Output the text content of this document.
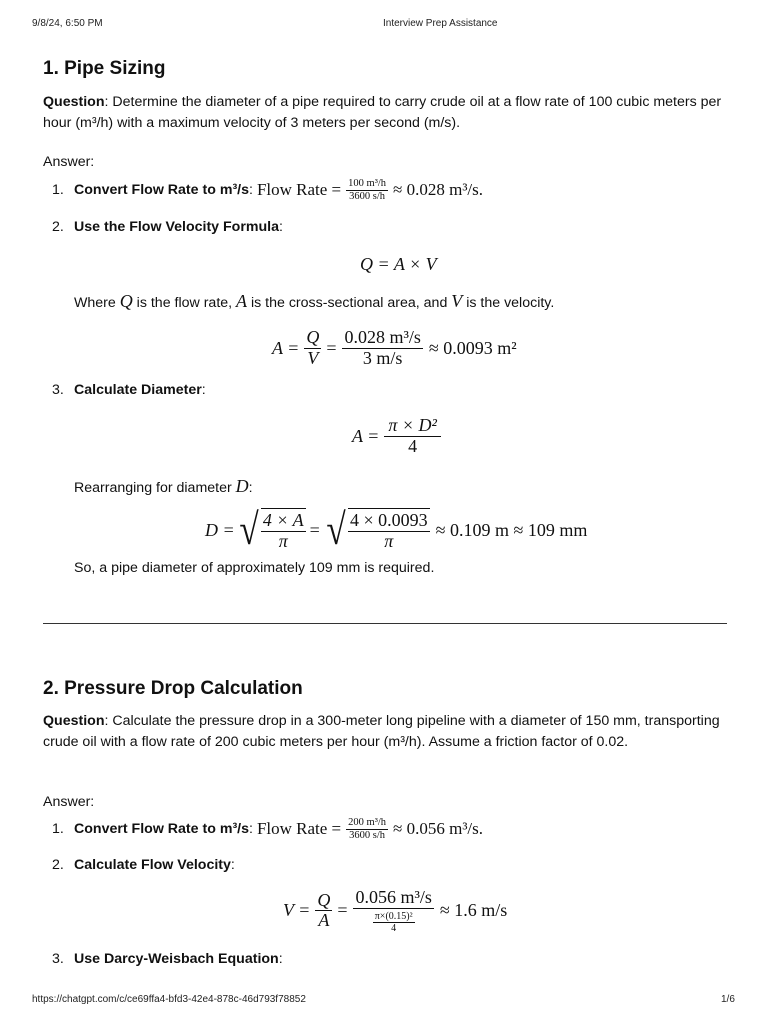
9/8/24, 6:50 PM	Interview Prep Assistance
1. Pipe Sizing
Question: Determine the diameter of a pipe required to carry crude oil at a flow rate of 100 cubic meters per hour (m³/h) with a maximum velocity of 3 meters per second (m/s).
Answer:
1. Convert Flow Rate to m³/s : Flow Rate = $\frac{\text{100 m³/h}}{3600 s/h} \approx 0.028$ m³/s.
2. Use the Flow Velocity Formula:
Q = A × V
Where Q is the flow rate, A is the cross-sectional area, and V is the velocity.
$A = \frac{Q}{V} = \frac{\text{0.028 m³/s}}{3 m/s} \approx 0.0093$ m²
3. Calculate Diameter:
$A = \frac{\text{π × D²}}{4}$
Rearranging for diameter D:
D = √ $\frac{4 \times A}{\pi}$ = √ $\frac{4 \times 0.0093}{\pi} \approx 0.109$ m ≈ 109 mm
So, a pipe diameter of approximately 109 mm is required.
2. Pressure Drop Calculation
Question: Calculate the pressure drop in a 300-meter long pipeline with a diameter of 150 mm, transporting crude oil with a flow rate of 200 cubic meters per hour (m³/h). Assume a friction factor of 0.02.
Answer:
1. Convert Flow Rate to m³/s : Flow Rate = $\frac{\text{200 m³/h}}{3600 s/h} \approx 0.056$ m³/s.
2. Calculate Flow Velocity:
$V = \frac{Q}{A} = \frac{\text{0.056 m³/s}}{\frac{\text{π×(0.15)²}}{4}} \approx 1.6$ m/s
3. Use Darcy-Weisbach Equation:
https://chatgpt.com/c/ce69ffa4-bfd3-42e4-878c-46d793f78852	1/6
